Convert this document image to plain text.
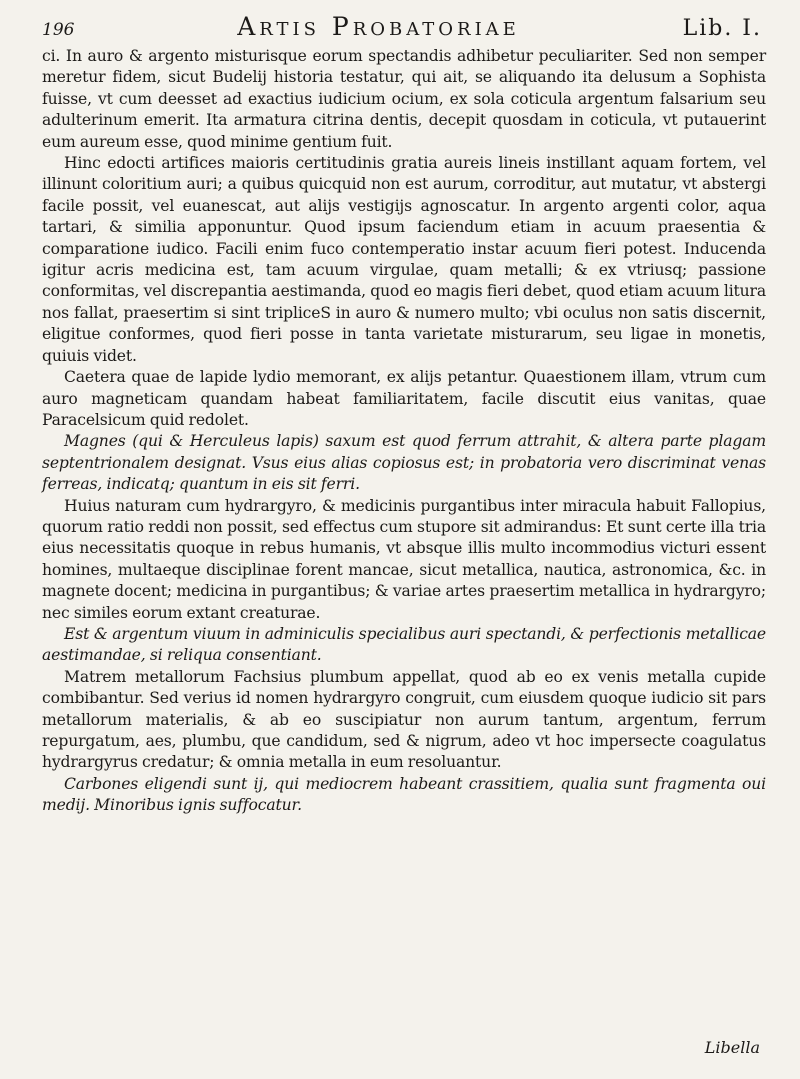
196	Artis Probatoriae	Lib. I.

ci. In auro & argento misturisque eorum spectandis adhibetur peculiariter. Sed non semper meretur fidem, sicut Budelij historia testatur, qui ait, se aliquando ita delusum a Sophista fuisse, vt cum deesset ad exactius iudicium ocium, ex sola coticula argentum falsarium seu adulterinum emerit. Ita armatura citrina dentis, decepit quosdam in coticula, vt putauerint eum aureum esse, quod minime gentium fuit.

Hinc edocti artifices maioris certitudinis gratia aureis lineis instillant aquam fortem, vel illinunt coloritium auri; a quibus quicquid non est aurum, corroditur, aut mutatur, vt abstergi facile possit, vel euanescat, aut alijs vestigijs agnoscatur. In argento argenti color, aqua tartari, & similia apponuntur. Quod ipsum faciendum etiam in acuum praesentia & comparatione iudico. Facili enim fuco contemperatio instar acuum fieri potest. Inducenda igitur acris medicina est, tam acuum virgulae, quam metalli; & ex vtriusq; passione conformitas, vel discrepantia aestimanda, quod eo magis fieri debet, quod etiam acuum litura nos fallat, praesertim si sint tripliceS in auro & numero multo; vbi oculus non satis discernit, eligitue conformes, quod fieri posse in tanta varietate misturarum, seu ligae in monetis, quiuis videt.

Caetera quae de lapide lydio memorant, ex alijs petantur. Quaestionem illam, vtrum cum auro magneticam quandam habeat familiaritatem, facile discutit eius vanitas, quae Paracelsicum quid redolet.

Magnes (qui & Herculeus lapis) saxum est quod ferrum attrahit, & altera parte plagam septentrionalem designat. Vsus eius alias copiosus est; in probatoria vero discriminat venas ferreas, indicatq; quantum in eis sit ferri.

Huius naturam cum hydrargyro, & medicinis purgantibus inter miracula habuit Fallopius, quorum ratio reddi non possit, sed effectus cum stupore sit admirandus: Et sunt certe illa tria eius necessitatis quoque in rebus humanis, vt absque illis multo incommodius victuri essent homines, multaeque disciplinae forent mancae, sicut metallica, nautica, astronomica, &c. in magnete docent; medicina in purgantibus; & variae artes praesertim metallica in hydrargyro; nec similes eorum extant creaturae.

Est & argentum viuum in adminiculis specialibus auri spectandi, & perfectionis metallicae aestimandae, si reliqua consentiant.

Matrem metallorum Fachsius plumbum appellat, quod ab eo ex venis metalla cupide combibantur. Sed verius id nomen hydrargyro congruit, cum eiusdem quoque iudicio sit pars metallorum materialis, & ab eo suscipiatur non aurum tantum, argentum, ferrum repurgatum, aes, plumbu, que candidum, sed & nigrum, adeo vt hoc impersecte coagulatus hydrargyrus credatur; & omnia metalla in eum resoluantur.

Carbones eligendi sunt ij, qui mediocrem habeant crassitiem, qualia sunt fragmenta oui medij. Minoribus ignis suffocatur.

Libella
